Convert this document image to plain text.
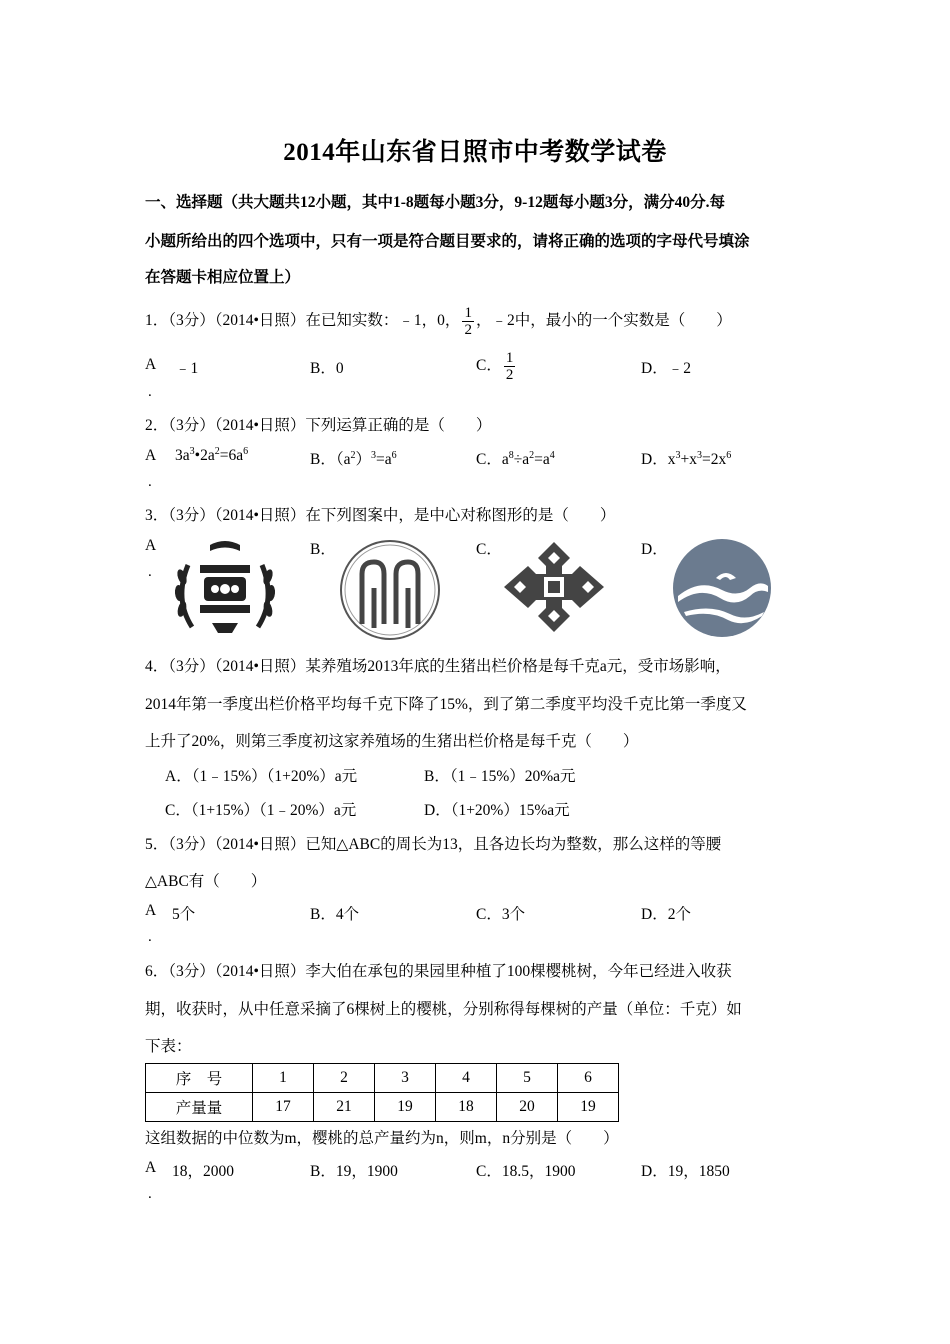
2014年山东省日照市中考数学试卷
一、选择题（共大题共12小题，其中1-8题每小题3分，9-12题每小题3分，满分40分.每
小题所给出的四个选项中，只有一项是符合题目要求的，请将正确的选项的字母代号填涂
在答题卡相应位置上）
1．（3分）（2014•日照）在已知实数：﹣1，0， $\frac{1}{2}$ ，﹣2中，最小的一个实数是（　　）
A ﹣1
.
B．0	C． $\frac{1}{2}$	D．﹣2
2．（3分）（2014•日照）下列运算正确的是（　　）
A $3a^3•2a^2=6a^6$
.
B．$(a^2)^3=a^6$	C．$a^8\div a^2=a^4$	D．$x^3+x^3=2x^6$
3．（3分）（2014•日照）在下列图案中，是中心对称图形的是（　　）
A
.
B．	C．	D．
4．（3分）（2014•日照）某养殖场2013年底的生猪出栏价格是每千克a元，受市场影响，
2014年第一季度出栏价格平均每千克下降了15%，到了第二季度平均没千克比第一季度又
上升了20%，则第三季度初这家养殖场的生猪出栏价格是每千克（　　）
A．（1﹣15%）（1+20%）a元	B．（1﹣15%）20%a元
C．（1+15%）（1﹣20%）a元	D．（1+20%）15%a元
5．（3分）（2014•日照）已知△ABC的周长为13，且各边长均为整数，那么这样的等腰
△ABC有（　　）
A 5个
.
B．4个	C．3个	D．2个
6．（3分）（2014•日照）李大伯在承包的果园里种植了100棵樱桃树，今年已经进入收获
期，收获时，从中任意采摘了6棵树上的樱桃，分别称得每棵树的产量（单位：千克）如
下表：
序　号	1	2	3	4	5	6
产量量	17	21	19	18	20	19
这组数据的中位数为m，樱桃的总产量约为n，则m，n分别是（　　）
A 18，2000
.
B．19，1900	C．18.5，1900	D．19，1850
